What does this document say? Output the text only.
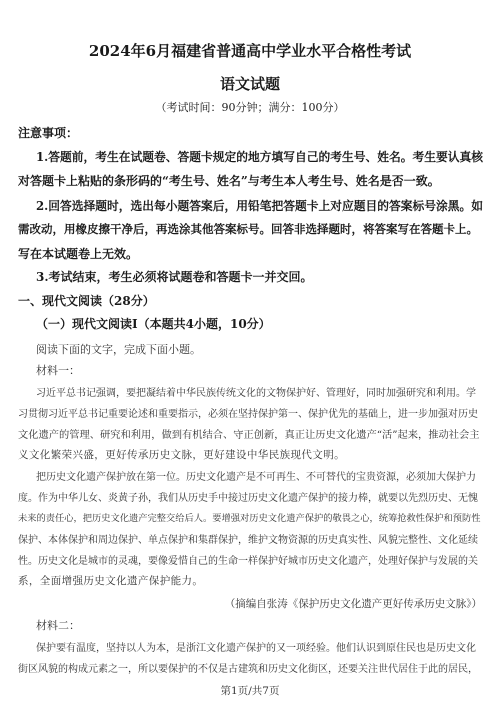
2024年6月福建省普通高中学业水平合格性考试
语文试题
（考试时间：90分钟；满分：100分）
注意事项：
1.答题前，考生在试题卷、答题卡规定的地方填写自己的考生号、姓名。考生要认真核
对答题卡上粘贴的条形码的“考生号、姓名”与考生本人考生号、姓名是否一致。
2.回答选择题时，选出每小题答案后，用铅笔把答题卡上对应题目的答案标号涂黑。如
需改动，用橡皮擦干净后，再选涂其他答案标号。回答非选择题时，将答案写在答题卡上。
写在本试题卷上无效。
3.考试结束，考生必须将试题卷和答题卡一并交回。
一、现代文阅读（28分）
（一）现代文阅读Ⅰ（本题共4小题，10分）
阅读下面的文字，完成下面小题。
材料一：
习近平总书记强调，要把凝结着中华民族传统文化的文物保护好、管理好，同时加强研究和利用。学
习贯彻习近平总书记重要论述和重要指示，必须在坚持保护第一、保护优先的基础上，进一步加强对历史
文化遗产的管理、研究和利用，做到有机结合、守正创新，真正让历史文化遗产“活”起来，推动社会主
义文化繁荣兴盛，更好传承历史文脉，更好建设中华民族现代文明。
把历史文化遗产保护放在第一位。历史文化遗产是不可再生、不可替代的宝贵资源，必须加大保护力
度。作为中华儿女、炎黄子孙，我们从历史手中接过历史文化遗产保护的接力棒，就要以先烈历史、无愧
未来的责任心，把历史文化遗产完整交给后人。要增强对历史文化遗产保护的敬畏之心，统筹抢救性保护和预防性
保护、本体保护和周边保护、单点保护和集群保护，维护文物资源的历史真实性、风貌完整性、文化延续
性。历史文化是城市的灵魂，要像爱惜自己的生命一样保护好城市历史文化遗产，处理好保护与发展的关
系，全面增强历史文化遗产保护能力。
（摘编自张涛《保护历史文化遗产更好传承历史文脉》）
材料二：
保护要有温度，坚持以人为本，是浙江文化遗产保护的又一项经验。他们认识到原住民也是历史文化
街区风貌的构成元素之一，所以要保护的不仅是古建筑和历史文化街区，还要关注世代居住于此的居民，
第1页/共7页
